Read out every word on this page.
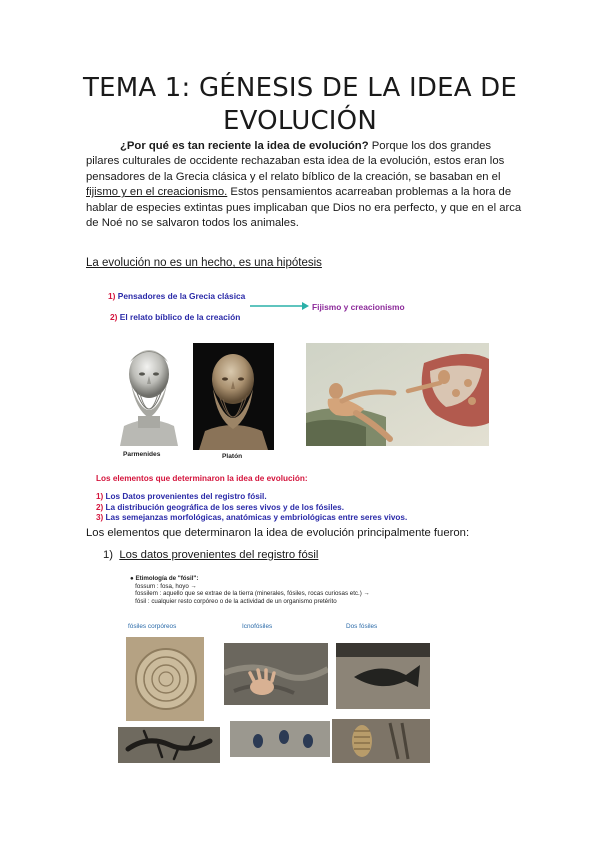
TEMA 1: GÉNESIS DE LA IDEA DE
EVOLUCIÓN

¿Por qué es tan reciente la idea de evolución? Porque los dos grandes pilares culturales de occidente rechazaban esta idea de la evolución, estos eran los pensadores de la Grecia clásica y el relato bíblico de la creación, se basaban en el fijismo y en el creacionismo. Estos pensamientos acarreaban problemas a la hora de hablar de especies extintas pues implicaban que Dios no era perfecto, y que en el arca de Noé no se salvaron todos los animales.

La evolución no es un hecho, es una hipótesis
1) Pensadores de la Grecia clásica
2) El relato bíblico de la creación
Fijismo y creacionismo
Parmenides	Platón
Los elementos que determinaron la idea de evolución:
1) Los Datos provenientes del registro fósil.
2) La distribución geográfica de los seres vivos y de los fósiles.
3) Las semejanzas morfológicas, anatómicas y embriológicas entre seres vivos.
Los elementos que determinaron la idea de evolución principalmente fueron:
1) Los datos provenientes del registro fósil
● Etimología de "fósil":
fossum : fosa, hoyo →
fossilem : aquello que se extrae de la tierra (minerales, fósiles, rocas curiosas etc.) →
fósil : cualquier resto corpóreo o de la actividad de un organismo pretérito
fósiles corpóreos	Icnofósiles	Dos fósiles
